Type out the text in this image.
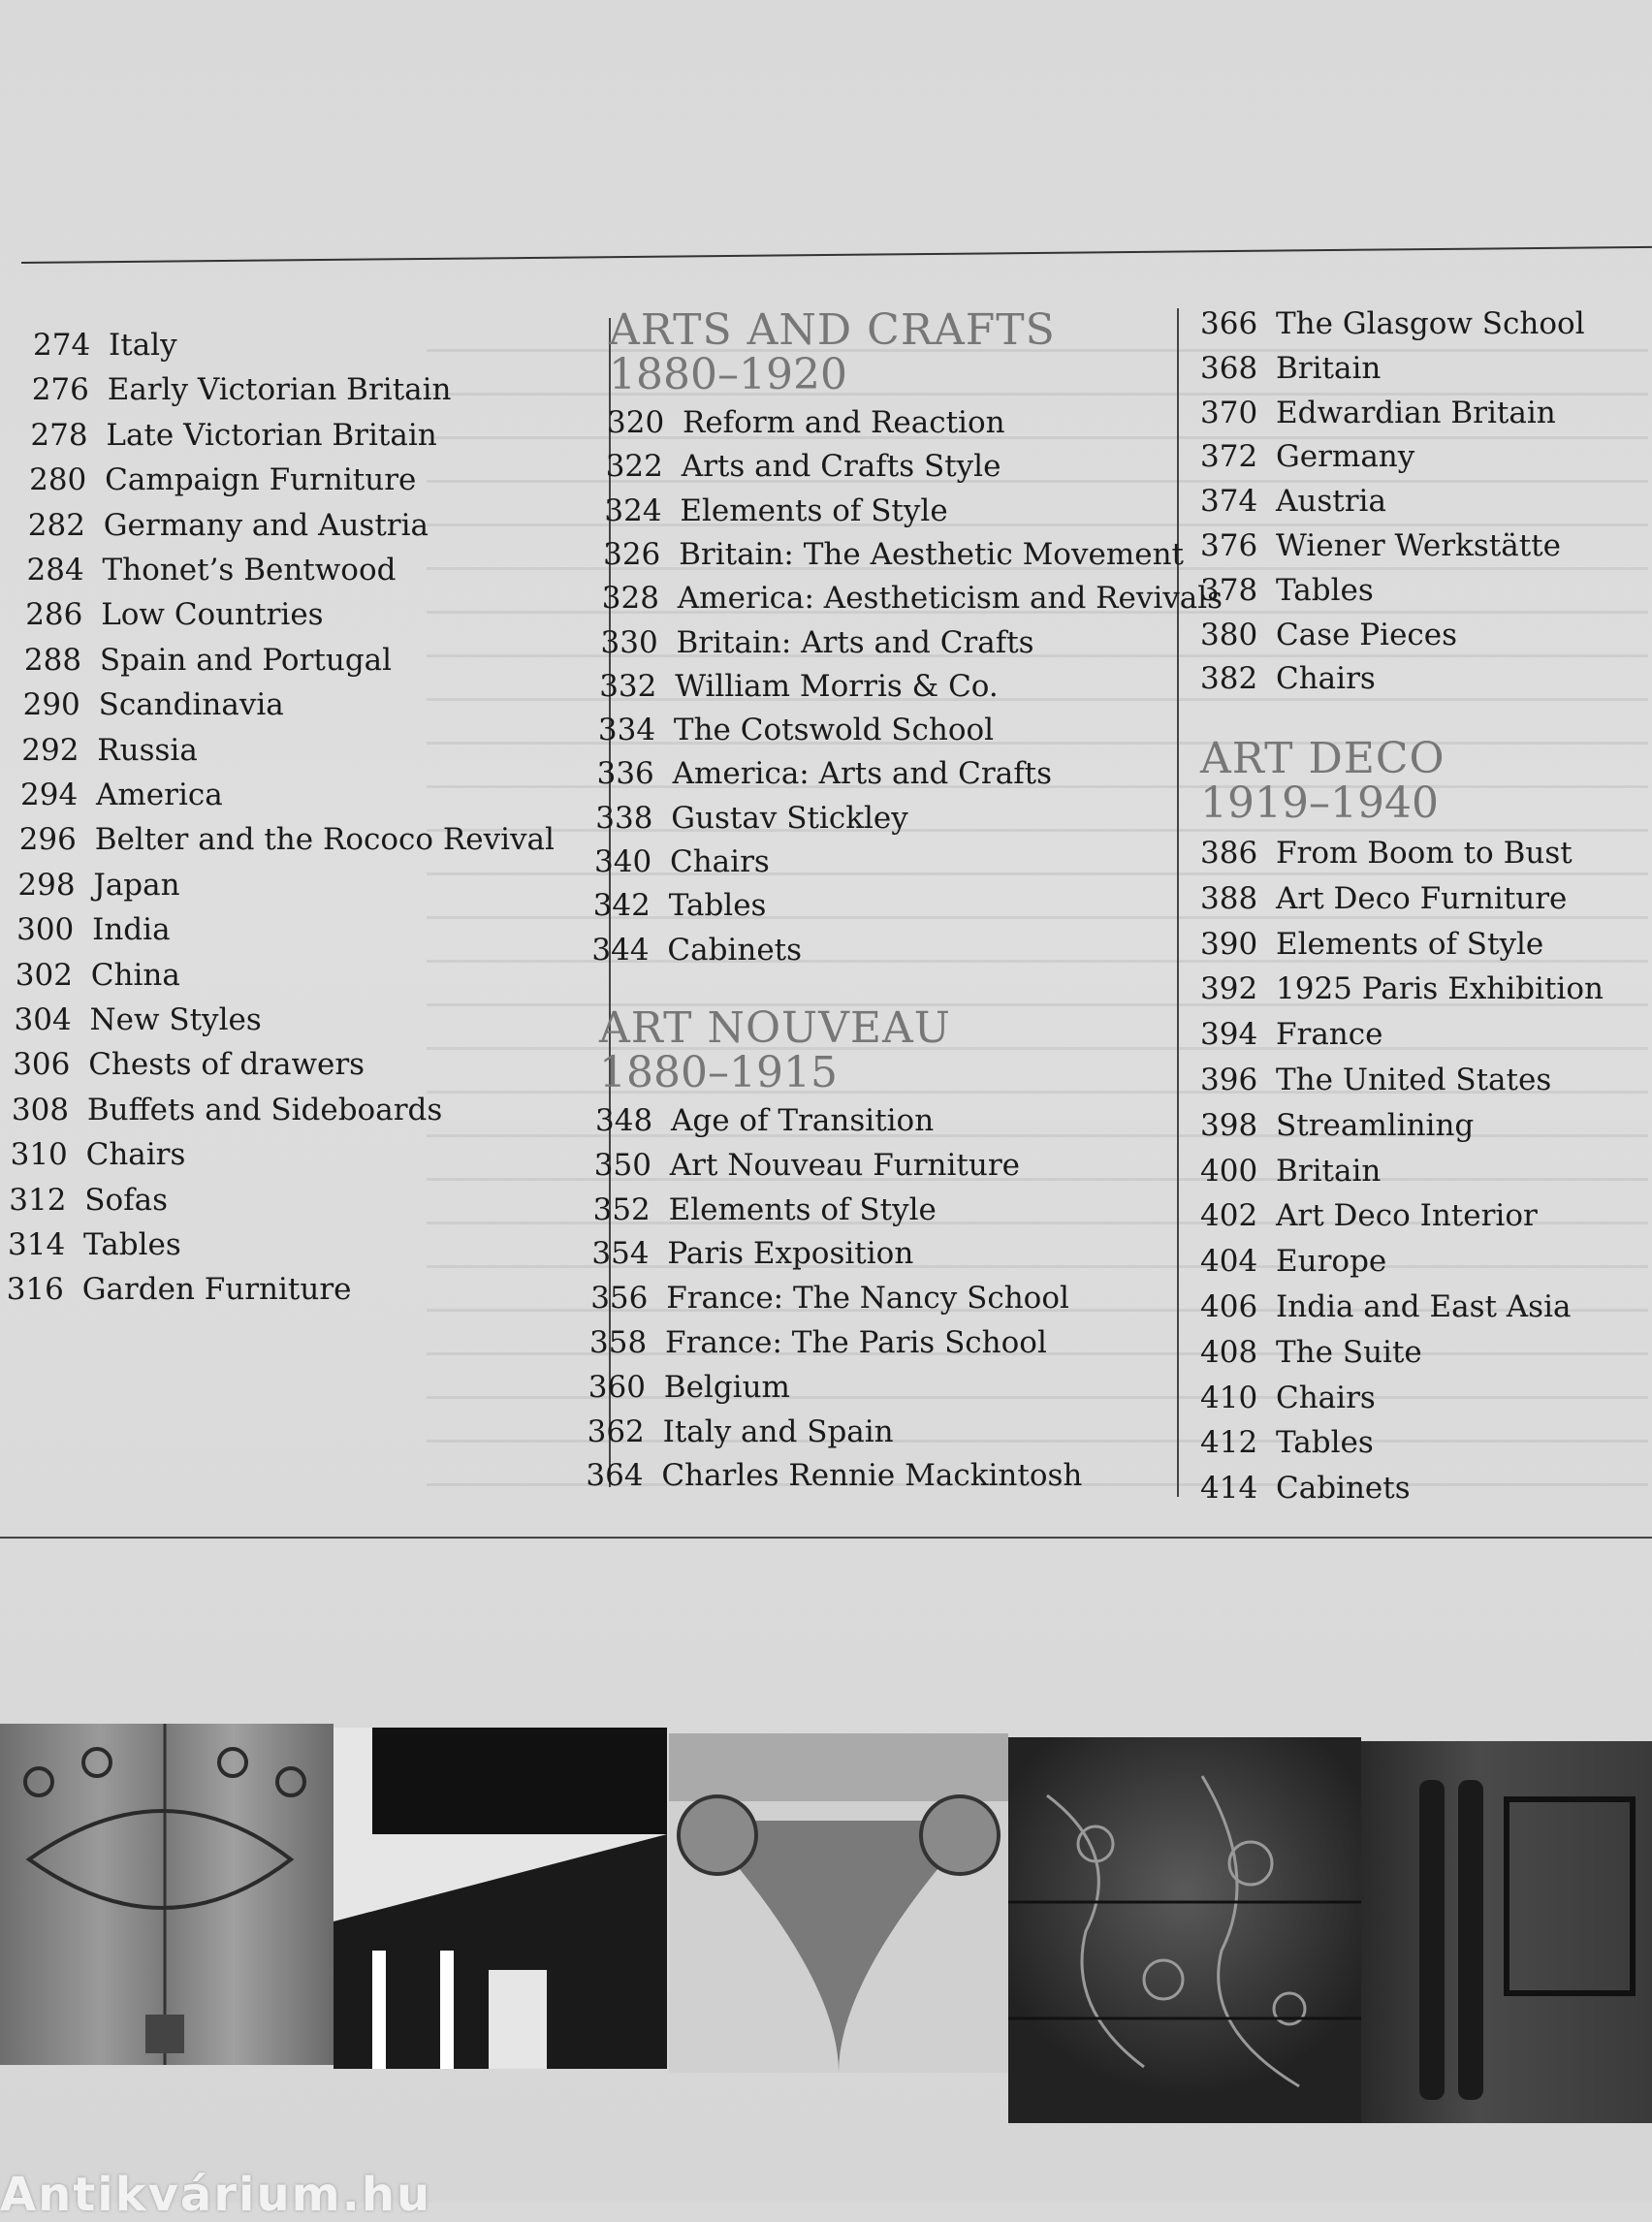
274 Italy
276 Early Victorian Britain
278 Late Victorian Britain
280 Campaign Furniture
282 Germany and Austria
284 Thonet’s Bentwood
286 Low Countries
288 Spain and Portugal
290 Scandinavia
292 Russia
294 America
296 Belter and the Rococo Revival
298 Japan
300 India
302 China
304 New Styles
306 Chests of drawers
308 Buffets and Sideboards
310 Chairs
312 Sofas
314 Tables
316 Garden Furniture
ARTS AND CRAFTS
1880–1920
320 Reform and Reaction
322 Arts and Crafts Style
324 Elements of Style
326 Britain: The Aesthetic Movement
328 America: Aestheticism and Revivals
330 Britain: Arts and Crafts
332 William Morris & Co.
334 The Cotswold School
336 America: Arts and Crafts
338 Gustav Stickley
340 Chairs
342 Tables
344 Cabinets
ART NOUVEAU
1880–1915
348 Age of Transition
350 Art Nouveau Furniture
352 Elements of Style
354 Paris Exposition
356 France: The Nancy School
358 France: The Paris School
360 Belgium
362 Italy and Spain
364 Charles Rennie Mackintosh
366 The Glasgow School
368 Britain
370 Edwardian Britain
372 Germany
374 Austria
376 Wiener Werkstätte
378 Tables
380 Case Pieces
382 Chairs
ART DECO
1919–1940
386 From Boom to Bust
388 Art Deco Furniture
390 Elements of Style
392 1925 Paris Exhibition
394 France
396 The United States
398 Streamlining
400 Britain
402 Art Deco Interior
404 Europe
406 India and East Asia
408 The Suite
410 Chairs
412 Tables
414 Cabinets
Antikvárium.hu
